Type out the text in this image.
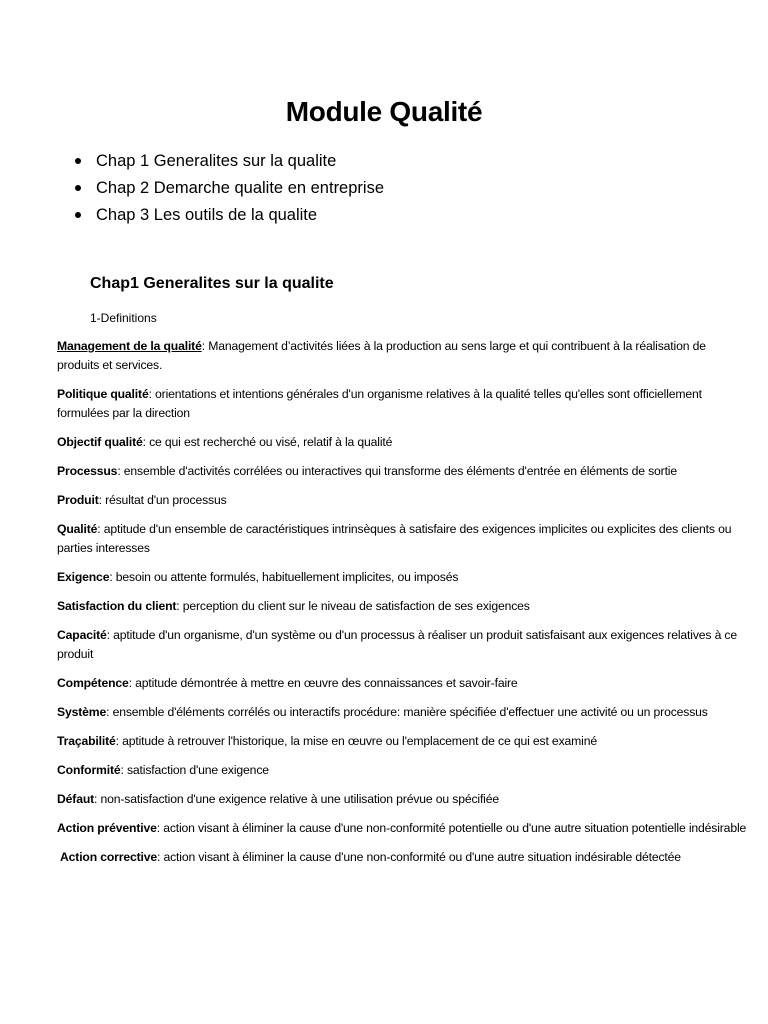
Module Qualité
Chap 1 Generalites sur la qualite
Chap 2 Demarche qualite en entreprise
Chap 3 Les outils de la qualite
Chap1 Generalites sur la qualite
1-Definitions

Management de la qualité: Management d’activités liées à la production au sens large et qui contribuent à la réalisation de produits et services.

Politique qualité: orientations et intentions générales d'un organisme relatives à la qualité telles qu'elles sont officiellement formulées par la direction

Objectif qualité: ce qui est recherché ou visé, relatif à la qualité

Processus: ensemble d'activités corrélées ou interactives qui transforme des éléments d'entrée en éléments de sortie

Produit: résultat d'un processus

Qualité: aptitude d'un ensemble de caractéristiques intrinsèques à satisfaire des exigences implicites ou explicites des clients ou parties interesses

Exigence: besoin ou attente formulés, habituellement implicites, ou imposés

Satisfaction du client: perception du client sur le niveau de satisfaction de ses exigences

Capacité: aptitude d'un organisme, d'un système ou d'un processus à réaliser un produit satisfaisant aux exigences relatives à ce produit

Compétence: aptitude démontrée à mettre en œuvre des connaissances et savoir-faire

Système: ensemble d'éléments corrélés ou interactifs procédure: manière spécifiée d'effectuer une activité ou un processus

Traçabilité: aptitude à retrouver l'historique, la mise en œuvre ou l'emplacement de ce qui est examiné

Conformité: satisfaction d'une exigence

Défaut: non-satisfaction d'une exigence relative à une utilisation prévue ou spécifiée

Action préventive: action visant à éliminer la cause d'une non-conformité potentielle ou d'une autre situation potentielle indésirable

Action corrective: action visant à éliminer la cause d'une non-conformité ou d'une autre situation indésirable détectée
